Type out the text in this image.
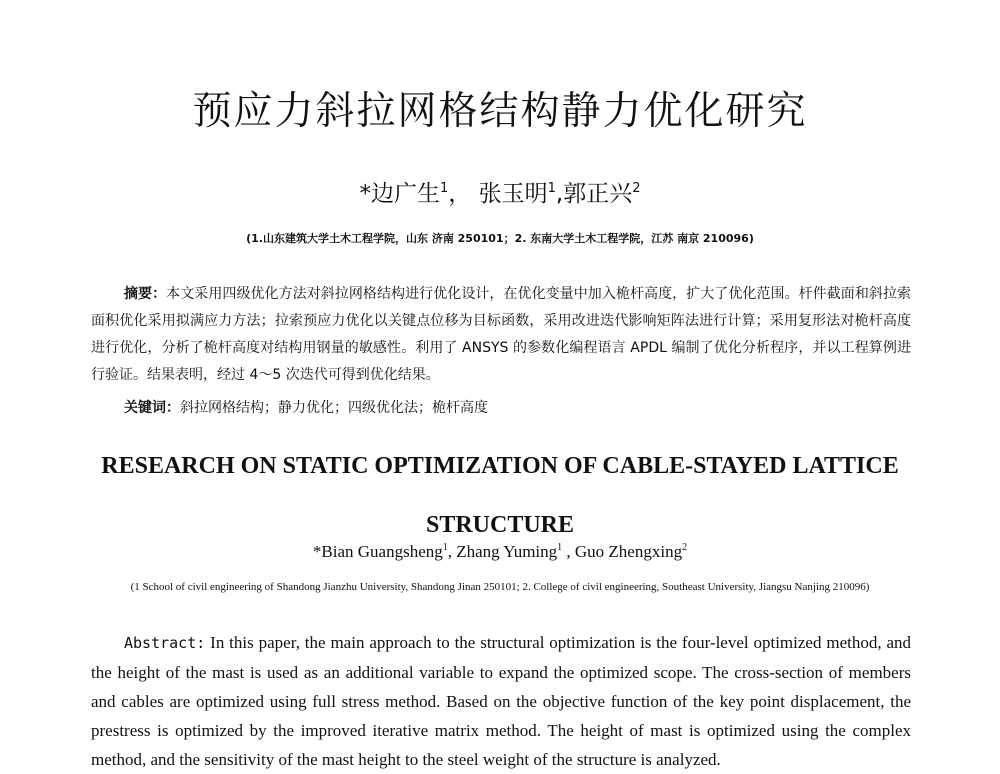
预应力斜拉网格结构静力优化研究
*边广生$^1$， 张玉明$^1$,郭正兴$^2$
(1.山东建筑大学土木工程学院，山东 济南 250101；2. 东南大学土木工程学院，江苏 南京 210096)
摘要：本文采用四级优化方法对斜拉网格结构进行优化设计，在优化变量中加入桅杆高度，扩大了优化范围。杆件截面和斜拉索面积优化采用拟满应力方法；拉索预应力优化以关键点位移为目标函数，采用改进迭代影响矩阵法进行计算；采用复形法对桅杆高度进行优化，分析了桅杆高度对结构用钢量的敏感性。利用了 ANSYS 的参数化编程语言 APDL 编制了优化分析程序，并以工程算例进行验证。结果表明，经过 4～5 次迭代可得到优化结果。
关键词：斜拉网格结构；静力优化；四级优化法；桅杆高度
RESEARCH ON STATIC OPTIMIZATION OF CABLE-STAYED LATTICE
STRUCTURE
*Bian Guangsheng$^1$, Zhang Yuming$^1$ , Guo Zhengxing$^2$
(1 School of civil engineering of Shandong Jianzhu University, Shandong Jinan 250101; 2. College of civil engineering, Southeast University, Jiangsu Nanjing 210096)
Abstract: In this paper, the main approach to the structural optimization is the four-level optimized method, and the height of the mast is used as an additional variable to expand the optimized scope. The cross-section of members and cables are optimized using full stress method. Based on the objective function of the key point displacement, the prestress is optimized by the improved iterative matrix method. The height of mast is optimized using the complex method, and the sensitivity of the mast height to the steel weight of the structure is analyzed.
